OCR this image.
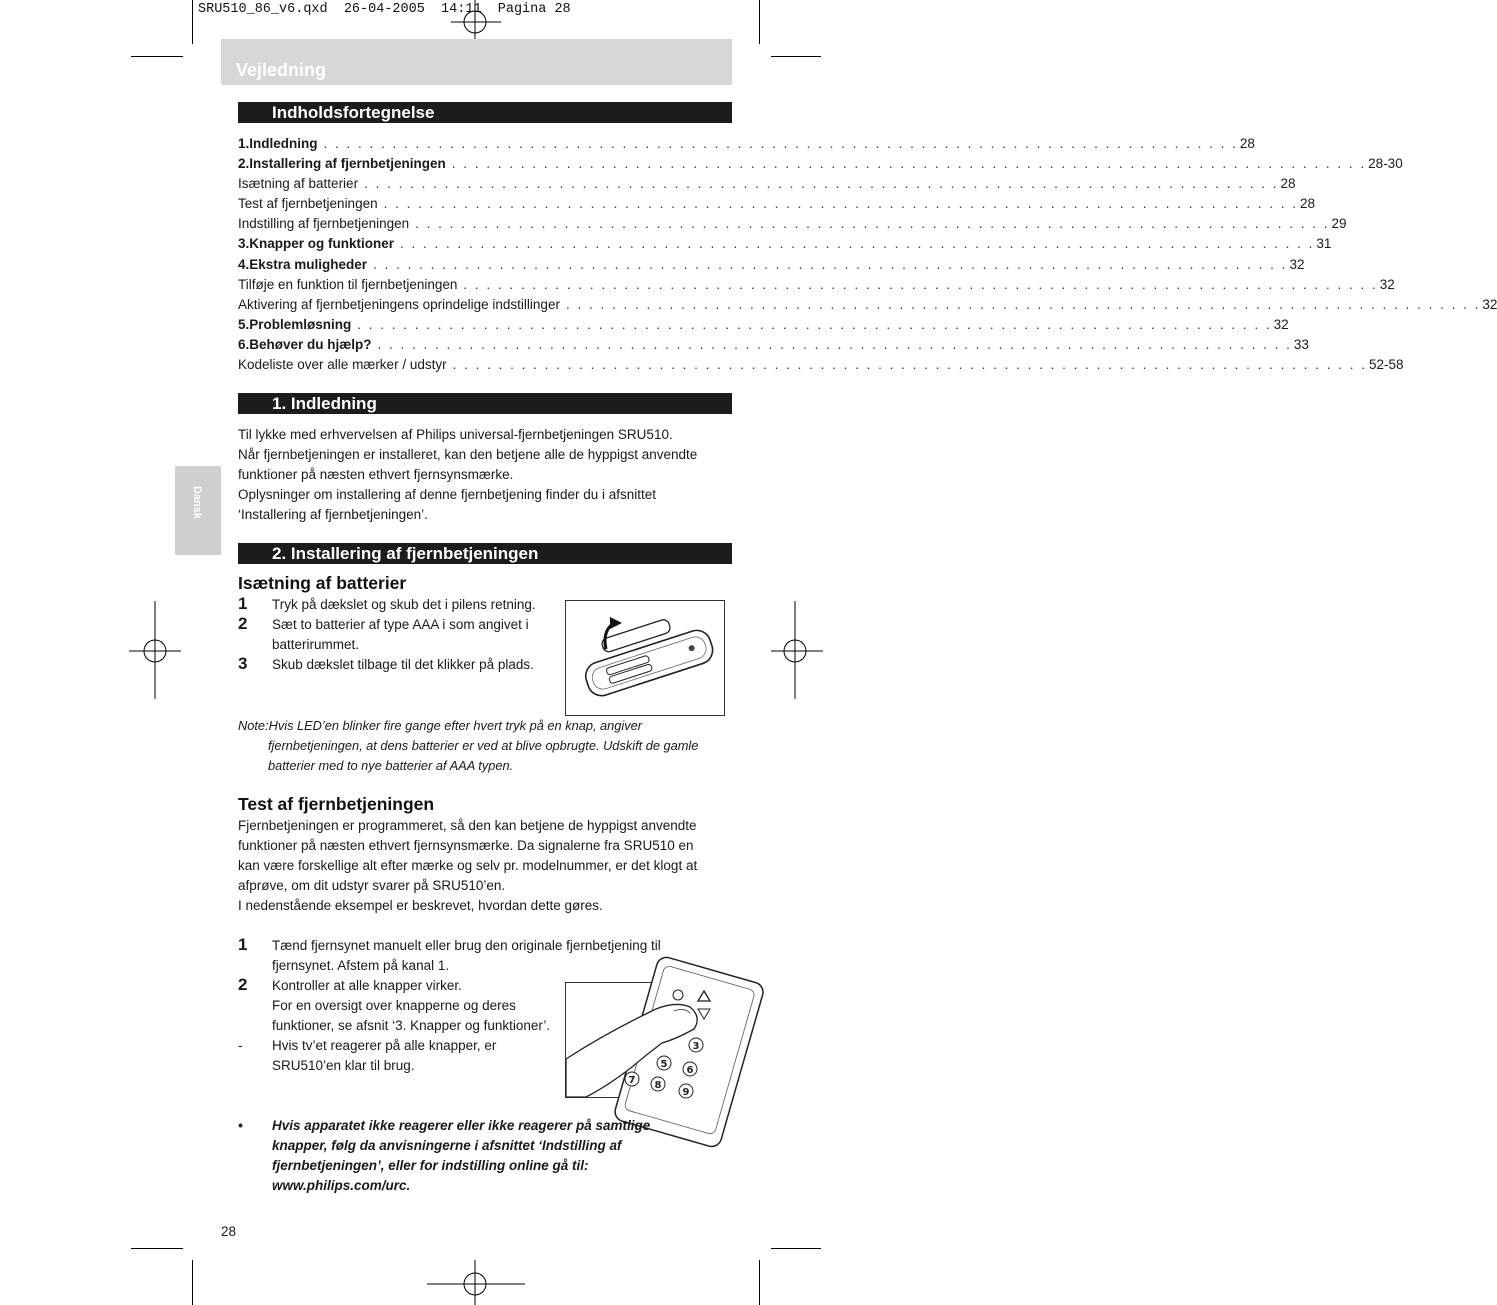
SRU510_86_v6.qxd  26-04-2005  14:11  Pagina 28
Vejledning
Dansk
Indholdsfortegnelse
1. Indledning . . . . . . . . . . . . . . . . . . . . . . . . . . . . . . . . . . . . . . . . . . . . . . . . . . . . . . . . . . . . . . . . . . . . . . . . . . . . . . . . 28
2. Installering af fjernbetjeningen . . . . . . . . . . . . . . . . . . . . . . . . . . . . . . . . . . . . . . . . . . . . . . . . . . . . . . . . . . . . . . . . . . . . . . . . . . . . . . . . 28-30
Isætning af batterier . . . . . . . . . . . . . . . . . . . . . . . . . . . . . . . . . . . . . . . . . . . . . . . . . . . . . . . . . . . . . . . . . . . . . . . . . . . . . . . . 28
Test af fjernbetjeningen . . . . . . . . . . . . . . . . . . . . . . . . . . . . . . . . . . . . . . . . . . . . . . . . . . . . . . . . . . . . . . . . . . . . . . . . . . . . . . . . 28
Indstilling af fjernbetjeningen . . . . . . . . . . . . . . . . . . . . . . . . . . . . . . . . . . . . . . . . . . . . . . . . . . . . . . . . . . . . . . . . . . . . . . . . . . . . . . . . 29
3. Knapper og funktioner . . . . . . . . . . . . . . . . . . . . . . . . . . . . . . . . . . . . . . . . . . . . . . . . . . . . . . . . . . . . . . . . . . . . . . . . . . . . . . . . 31
4. Ekstra muligheder . . . . . . . . . . . . . . . . . . . . . . . . . . . . . . . . . . . . . . . . . . . . . . . . . . . . . . . . . . . . . . . . . . . . . . . . . . . . . . . . 32
Tilføje en funktion til fjernbetjeningen . . . . . . . . . . . . . . . . . . . . . . . . . . . . . . . . . . . . . . . . . . . . . . . . . . . . . . . . . . . . . . . . . . . . . . . . . . . . . . . . 32
Aktivering af fjernbetjeningens oprindelige indstillinger . . . . . . . . . . . . . . . . . . . . . . . . . . . . . . . . . . . . . . . . . . . . . . . . . . . . . . . . . . . . . . . . . . . . . . . . . . . . . . . . 32
5. Problemløsning . . . . . . . . . . . . . . . . . . . . . . . . . . . . . . . . . . . . . . . . . . . . . . . . . . . . . . . . . . . . . . . . . . . . . . . . . . . . . . . . 32
6. Behøver du hjælp? . . . . . . . . . . . . . . . . . . . . . . . . . . . . . . . . . . . . . . . . . . . . . . . . . . . . . . . . . . . . . . . . . . . . . . . . . . . . . . . . 33
Kodeliste over alle mærker / udstyr . . . . . . . . . . . . . . . . . . . . . . . . . . . . . . . . . . . . . . . . . . . . . . . . . . . . . . . . . . . . . . . . . . . . . . . . . . . . . . . . 52-58
1. Indledning

Til lykke med erhvervelsen af Philips universal-fjernbetjeningen SRU510.

Når fjernbetjeningen er installeret, kan den betjene alle de hyppigst anvendte

funktioner på næsten ethvert fjernsynsmærke.

Oplysninger om installering af denne fjernbetjening finder du i afsnittet

‘Installering af fjernbetjeningen’.

2. Installering af fjernbetjeningen
Isætning af batterier
1 Tryk på dækslet og skub det i pilens retning.
2 Sæt to batterier af type AAA i som angivet i
batterirummet.
3 Skub dækslet tilbage til det klikker på plads.
Note:Hvis LED’en blinker fire gange efter hvert tryk på en knap, angiver
fjernbetjeningen, at dens batterier er ved at blive opbrugte. Udskift de gamle
batterier med to nye batterier af AAA typen.
Test af fjernbetjeningen

Fjernbetjeningen er programmeret, så den kan betjene de hyppigst anvendte

funktioner på næsten ethvert fjernsynsmærke. Da signalerne fra SRU510 en

kan være forskellige alt efter mærke og selv pr. modelnummer, er det klogt at

afprøve, om dit udstyr svarer på SRU510’en.

I nedenstående eksempel er beskrevet, hvordan dette gøres.

1 Tænd fjernsynet manuelt eller brug den originale fjernbetjening til
fjernsynet. Afstem på kanal 1.
2 Kontroller at alle knapper virker.
For en oversigt over knapperne og deres
funktioner, se afsnit ‘3. Knapper og funktioner’.
- Hvis tv’et reagerer på alle knapper, er
SRU510’en klar til brug.	5
6
3
8
9
7
• Hvis apparatet ikke reagerer eller ikke reagerer på samtlige
knapper, følg da anvisningerne i afsnittet ‘Indstilling af
fjernbetjeningen’, eller for indstilling online gå til:
www.philips.com/urc.
28
